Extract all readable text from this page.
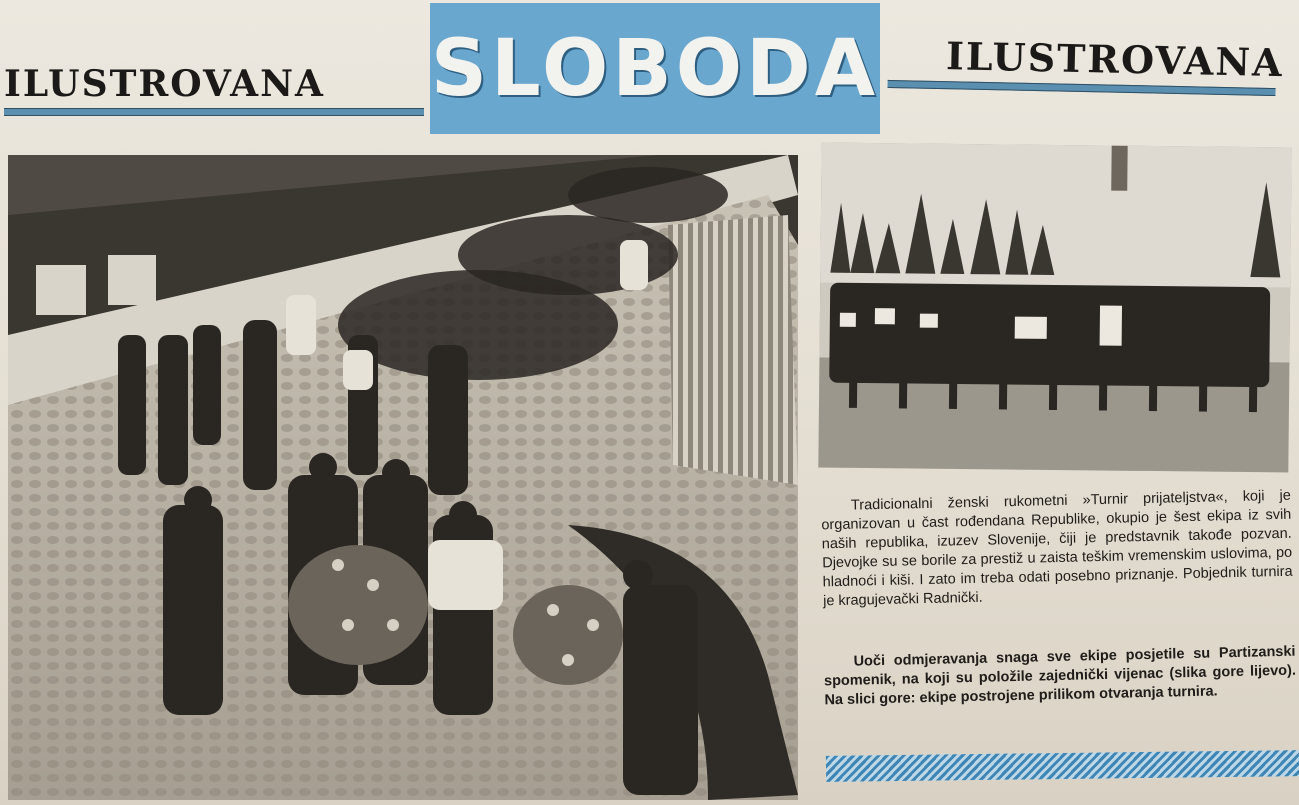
ILUSTROVANA	SLOBODA	ILUSTROVANA
Tradicionalni ženski rukometni »Turnir prijateljstva«, koji je organizovan u čast rođendana Republike, okupio je šest ekipa iz svih naših republika, izuzev Slovenije, čiji je predstavnik takođe pozvan. Djevojke su se borile za prestiž u zaista teškim vremenskim uslovima, po hladnoći i kiši. I zato im treba odati posebno priznanje. Pobjednik turnira je kragujevački Radnički.
Uoči odmjeravanja snaga sve ekipe posjetile su Partizanski spomenik, na koji su položile zajednički vijenac (slika gore lijevo). Na slici gore: ekipe postrojene prilikom otvaranja turnira.
